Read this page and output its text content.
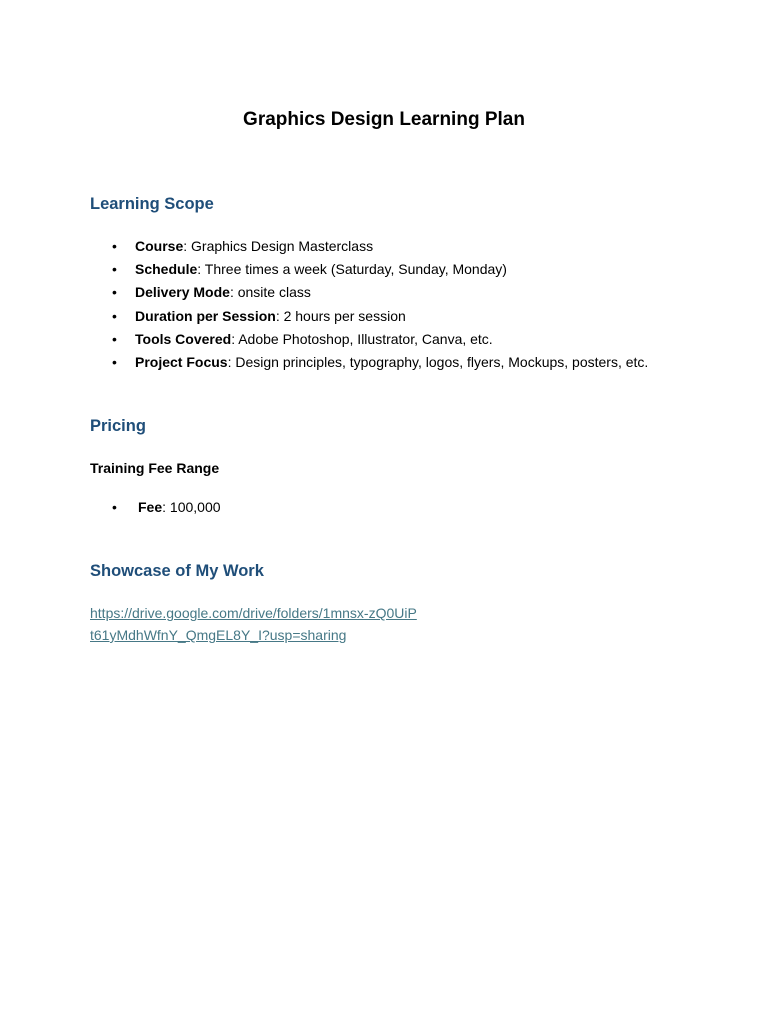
Graphics Design Learning Plan
Learning Scope
• Course: Graphics Design Masterclass
• Schedule: Three times a week (Saturday, Sunday, Monday)
• Delivery Mode: onsite class
• Duration per Session: 2 hours per session
• Tools Covered: Adobe Photoshop, Illustrator, Canva, etc.
• Project Focus: Design principles, typography, logos, flyers, Mockups, posters, etc.
Pricing

Training Fee Range

• Fee: 100,000
Showcase of My Work
https://drive.google.com/drive/folders/1mnsx-zQ0UiPt61yMdhWfnY_QmgEL8Y_I?usp=sharing
